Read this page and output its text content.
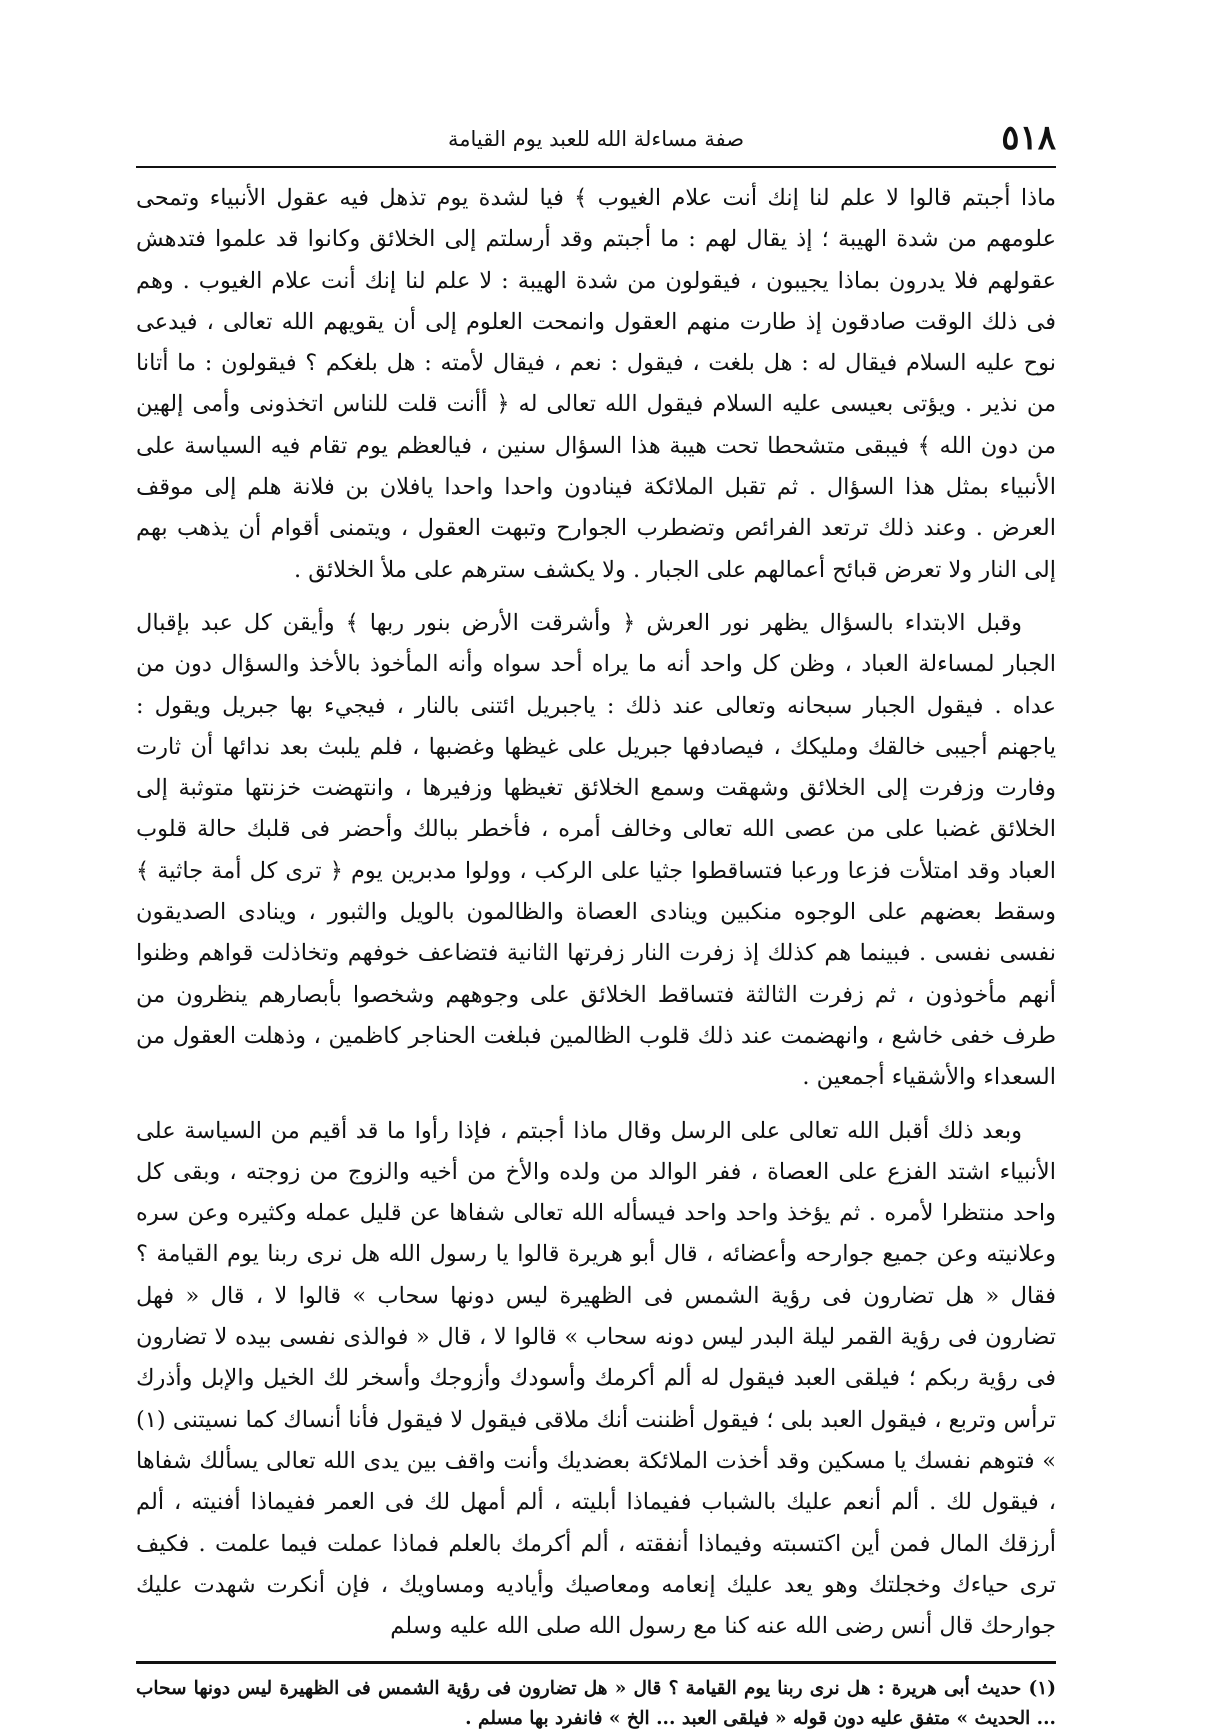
٥١٨
صفة مساءلة الله للعبد يوم القيامة

ماذا أجبتم قالوا لا علم لنا إنك أنت علام الغيوب ﴾ فيا لشدة يوم تذهل فيه عقول الأنبياء وتمحى علومهم من شدة الهيبة ؛ إذ يقال لهم : ما أجبتم وقد أرسلتم إلى الخلائق وكانوا قد علموا فتدهش عقولهم فلا يدرون بماذا يجيبون ، فيقولون من شدة الهيبة : لا علم لنا إنك أنت علام الغيوب . وهم فى ذلك الوقت صادقون إذ طارت منهم العقول وانمحت العلوم إلى أن يقويهم الله تعالى ، فيدعى نوح عليه السلام فيقال له : هل بلغت ، فيقول : نعم ، فيقال لأمته : هل بلغكم ؟ فيقولون : ما أتانا من نذير . ويؤتى بعيسى عليه السلام فيقول الله تعالى له ﴿ أأنت قلت للناس اتخذونى وأمى إلهين من دون الله ﴾ فيبقى متشحطا تحت هيبة هذا السؤال سنين ، فيالعظم يوم تقام فيه السياسة على الأنبياء بمثل هذا السؤال . ثم تقبل الملائكة فينادون واحدا واحدا يافلان بن فلانة هلم إلى موقف العرض . وعند ذلك ترتعد الفرائص وتضطرب الجوارح وتبهت العقول ، ويتمنى أقوام أن يذهب بهم إلى النار ولا تعرض قبائح أعمالهم على الجبار . ولا يكشف سترهم على ملأ الخلائق .

وقبل الابتداء بالسؤال يظهر نور العرش ﴿ وأشرقت الأرض بنور ربها ﴾ وأيقن كل عبد بإقبال الجبار لمساءلة العباد ، وظن كل واحد أنه ما يراه أحد سواه وأنه المأخوذ بالأخذ والسؤال دون من عداه . فيقول الجبار سبحانه وتعالى عند ذلك : ياجبريل ائتنى بالنار ، فيجيء بها جبريل ويقول : ياجهنم أجيبى خالقك ومليكك ، فيصادفها جبريل على غيظها وغضبها ، فلم يلبث بعد ندائها أن ثارت وفارت وزفرت إلى الخلائق وشهقت وسمع الخلائق تغيظها وزفيرها ، وانتهضت خزنتها متوثبة إلى الخلائق غضبا على من عصى الله تعالى وخالف أمره ، فأخطر ببالك وأحضر فى قلبك حالة قلوب العباد وقد امتلأت فزعا ورعبا فتساقطوا جثيا على الركب ، وولوا مدبرين يوم ﴿ ترى كل أمة جاثية ﴾ وسقط بعضهم على الوجوه منكبين وينادى العصاة والظالمون بالويل والثبور ، وينادى الصديقون نفسى نفسى . فبينما هم كذلك إذ زفرت النار زفرتها الثانية فتضاعف خوفهم وتخاذلت قواهم وظنوا أنهم مأخوذون ، ثم زفرت الثالثة فتساقط الخلائق على وجوههم وشخصوا بأبصارهم ينظرون من طرف خفى خاشع ، وانهضمت عند ذلك قلوب الظالمين فبلغت الحناجر كاظمين ، وذهلت العقول من السعداء والأشقياء أجمعين .

وبعد ذلك أقبل الله تعالى على الرسل وقال ماذا أجبتم ، فإذا رأوا ما قد أقيم من السياسة على الأنبياء اشتد الفزع على العصاة ، ففر الوالد من ولده والأخ من أخيه والزوج من زوجته ، وبقى كل واحد منتظرا لأمره . ثم يؤخذ واحد واحد فيسأله الله تعالى شفاها عن قليل عمله وكثيره وعن سره وعلانيته وعن جميع جوارحه وأعضائه ، قال أبو هريرة قالوا يا رسول الله هل نرى ربنا يوم القيامة ؟ فقال « هل تضارون فى رؤية الشمس فى الظهيرة ليس دونها سحاب » قالوا لا ، قال « فهل تضارون فى رؤية القمر ليلة البدر ليس دونه سحاب » قالوا لا ، قال « فوالذى نفسى بيده لا تضارون فى رؤية ربكم ؛ فيلقى العبد فيقول له ألم أكرمك وأسودك وأزوجك وأسخر لك الخيل والإبل وأذرك ترأس وتربع ، فيقول العبد بلى ؛ فيقول أظننت أنك ملاقى فيقول لا فيقول فأنا أنساك كما نسيتنى (١) » فتوهم نفسك يا مسكين وقد أخذت الملائكة بعضديك وأنت واقف بين يدى الله تعالى يسألك شفاها ، فيقول لك . ألم أنعم عليك بالشباب ففيماذا أبليته ، ألم أمهل لك فى العمر ففيماذا أفنيته ، ألم أرزقك المال فمن أين اكتسبته وفيماذا أنفقته ، ألم أكرمك بالعلم فماذا عملت فيما علمت . فكيف ترى حياءك وخجلتك وهو يعد عليك إنعامه ومعاصيك وأياديه ومساويك ، فإن أنكرت شهدت عليك جوارحك قال أنس رضى الله عنه كنا مع رسول الله صلى الله عليه وسلم

(١) حديث أبى هريرة : هل نرى ربنا يوم القيامة ؟ قال « هل تضارون فى رؤية الشمس فى الظهيرة ليس دونها سحاب ... الحديث » متفق عليه دون قوله « فيلقى العبد ... الخ » فانفرد بها مسلم .
